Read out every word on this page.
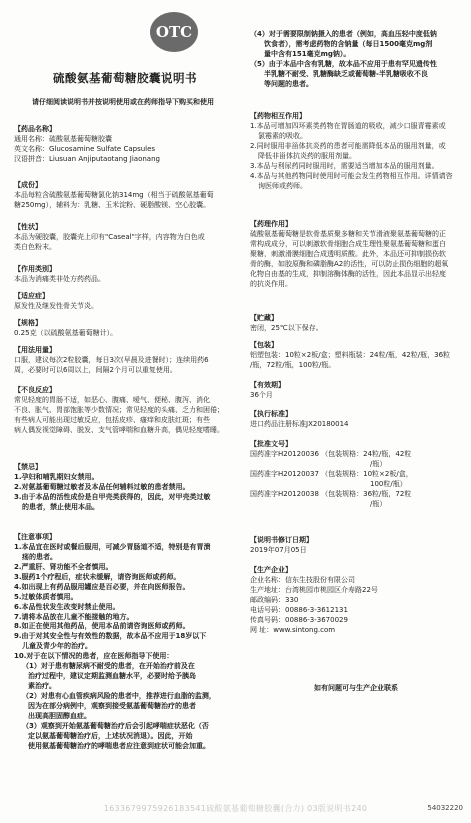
OTC
硫酸氨基葡萄糖胶囊说明书
请仔细阅读说明书并按说明使用或在药师指导下购买和使用
【药品名称】
通用名称：硫酸氨基葡萄糖胶囊
英文名称：Glucosamine Sulfate Capsules
汉语拼音：Liusuan Anjiputaotang Jiaonang
【成份】
本品每粒含硫酸氨基葡萄糖氯化钠314mg（相当于硫酸氨基葡萄
糖250mg），辅料为：乳糖、玉米淀粉、硬脂酸镁、空心胶囊。
【性状】
本品为硬胶囊，胶囊壳上印有"Caseal"字样，内容物为白色或
类白色粉末。
【作用类别】
本品为消痛类非处方药药品。
【适应症】
原发性及继发性骨关节炎。
【规格】
0.25克（以硫酸氨基葡萄糖计）。
【用法用量】
口服，建议每次2粒胶囊，每日3次(早晨及进餐时）；连续用药6
周，必要时可以6周以上，间隔2个月可以重复使用。
【不良反应】
常见轻度的胃肠不适，如恶心、腹痛、嗳气、便秘、腹泻、消化
不良、胀气、胃部饱胀等少数情况；常见轻度的头痛、乏力和困倦；
有些病人可能出现过敏反应，包括皮疹、瘙痒和皮肤红斑；有些
病人偶发视觉障碍、脱发、支气管哮喘和血糖升高，偶见轻度嗜睡。
【禁忌】
1.孕妇和哺乳期妇女禁用。
2.对氨基葡萄糖过敏者及本品任何辅料过敏的患者禁用。
3.由于本品的活性成份是自甲壳类获得的，因此，对甲壳类过敏
的患者，禁止使用本品。
【注意事项】
1.本品宜在医时或餐后服用，可减少胃肠道不适，特别是有胃溃
疡的患者。
2.严重肝、肾功能不全者慎用。
3.服药1个疗程后，症状未缓解，请咨询医师或药师。
4.如出现上有药品服用罐应是百必要，并在向医师报告。
5.过敏体质者慎用。
6.本品性状发生改变时禁止使用。
7.请将本品放在儿童不能接触的地方。
8.如正在使用其他药品，使用本品前请咨询医师或药师。
9.由于对其安全性与有效性的数据，故本品不应用于18岁以下
儿童及青少年的治疗。
10.对于在以下情况的患者，应在医师指导下使用：
（1）对于患有糖尿病不耐受的患者，在开始治疗前及在
治疗过程中，建议定期监测血糖水平，必要时给予胰岛
素治疗。
（2）对患有心血管疾病风险的患者中，推荐进行血脂的监测，
因为在部分病例中，观察到接受氨基葡萄糖治疗的患者
出现高胆固醇血症。
（3）观察到开始氨基葡萄糖治疗后会引起哮喘症状恶化（否
定以氨基葡萄糖治疗后，上述状况消退）。因此，开始
使用氨基葡萄糖治疗的哮喘患者应注意到症状可能会加重。
（4）对于需要限制钠摄入的患者（例如，高血压轻中度低钠
饮食者），需考虑药物的含钠量（每日1500毫克mg剂
量中含有151毫克mg钠）。
（5）由于本品中含有乳糖，故本品不应用于患有罕见遗传性
半乳糖不耐受、乳糖酶缺乏或葡萄糖-半乳糖吸收不良
等问题的患者。
【药物相互作用】
1.本品可增加四环素类药物在胃肠道的吸收，减少口服青霉素或
氯霉素的吸收。
2.同时服用非甾体抗炎药的患者可能需降低本品的服用剂量，或
降低非甾体抗炎药的服用剂量。
3.本品与利尿药同时服用时，需要适当增加本品的服用剂量。
4.本品与其他药物同时使用时可能会发生药物相互作用。详情请咨
询医师或药师。
【药理作用】
硫酸氨基葡萄糖是软骨基质聚多糖和关节滑液聚氨基葡萄糖的正
常构成成分，可以刺激软骨细胞合成生理性聚氨基葡萄糖和蛋白
聚糖，刺激滑膜细胞合成透明质酸。此外，本品还可抑制损伤软
骨的酶，如胶原酶和磷脂酶A2的活性，可以防止损伤细胞的超氧
化物自由基的生成，抑制溶酶体酶的活性，因此本品显示出轻度
的抗炎作用。
【贮藏】
密闭，25℃以下保存。
【包装】
铝塑包装：10粒×2板/盒；塑料瓶装：24粒/瓶，42粒/瓶，36粒
/瓶，72粒/瓶，100粒/瓶。
【有效期】
36个月
【执行标准】
进口药品注册标准JX20180014
【批准文号】
国药准字H20120036 （包装规格：24粒/瓶，42粒
/瓶）
国药准字H20120037 （包装规格：10粒×2板/盒，
100粒/瓶）
国药准字H20120038 （包装规格：36粒/瓶，72粒
/瓶）
【说明书修订日期】
2019年07月05日
【生产企业】
企业名称：信东生技股份有限公司
生产地址：台湾桃园市桃园区介寿路22号
邮政编码：330
电话号码：00886-3-3612131
传真号码：00886-3-3670029
网 址：www.sintong.com
如有问题可与生产企业联系
1633679975926183541硫酸氨基葡萄糖胶囊(合力) 03版说明书240	54032220
